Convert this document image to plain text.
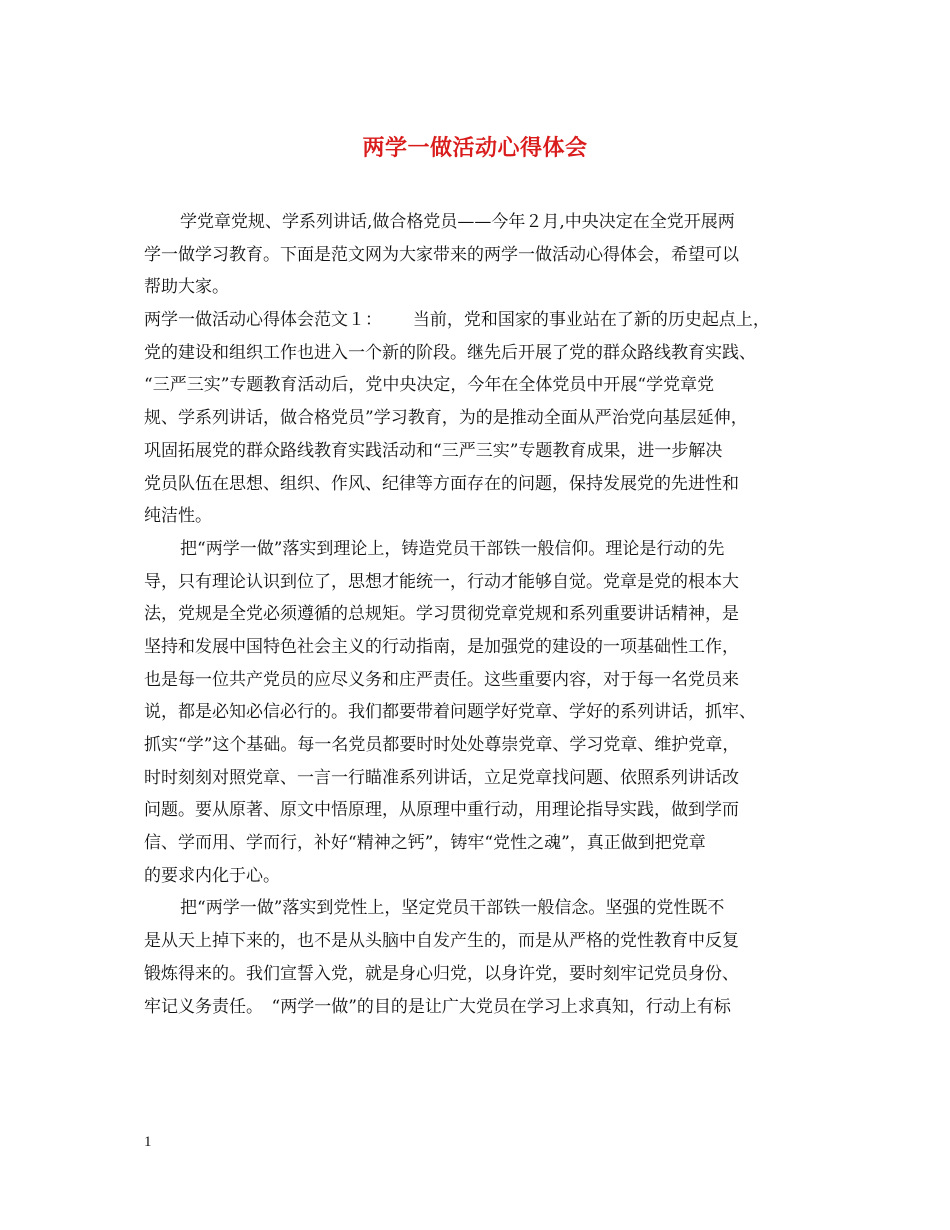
两学一做活动心得体会
学党章党规、学系列讲话,做合格党员——今年２月,中央决定在全党开展两
学一做学习教育。下面是范文网为大家带来的两学一做活动心得体会，希望可以
帮助大家。
两学一做活动心得体会范文１：　　 当前，党和国家的事业站在了新的历史起点上，
党的建设和组织工作也进入一个新的阶段。继先后开展了党的群众路线教育实践、
“三严三实”专题教育活动后，党中央决定，今年在全体党员中开展“学党章党
规、学系列讲话，做合格党员”学习教育，为的是推动全面从严治党向基层延伸，
巩固拓展党的群众路线教育实践活动和“三严三实”专题教育成果，进一步解决
党员队伍在思想、组织、作风、纪律等方面存在的问题，保持发展党的先进性和
纯洁性。
把“两学一做”落实到理论上，铸造党员干部铁一般信仰。理论是行动的先
导，只有理论认识到位了，思想才能统一，行动才能够自觉。党章是党的根本大
法，党规是全党必须遵循的总规矩。学习贯彻党章党规和系列重要讲话精神，是
坚持和发展中国特色社会主义的行动指南，是加强党的建设的一项基础性工作，
也是每一位共产党员的应尽义务和庄严责任。这些重要内容，对于每一名党员来
说，都是必知必信必行的。我们都要带着问题学好党章、学好的系列讲话，抓牢、
抓实“学”这个基础。每一名党员都要时时处处尊崇党章、学习党章、维护党章，
时时刻刻对照党章、一言一行瞄准系列讲话，立足党章找问题、依照系列讲话改
问题。要从原著、原文中悟原理，从原理中重行动，用理论指导实践，做到学而
信、学而用、学而行，补好“精神之钙”，铸牢“党性之魂”，真正做到把党章
的要求内化于心。
把“两学一做”落实到党性上，坚定党员干部铁一般信念。坚强的党性既不
是从天上掉下来的，也不是从头脑中自发产生的，而是从严格的党性教育中反复
锻炼得来的。我们宣誓入党，就是身心归党，以身许党，要时刻牢记党员身份、
牢记义务责任。　“两学一做”的目的是让广大党员在学习上求真知，行动上有标
1
